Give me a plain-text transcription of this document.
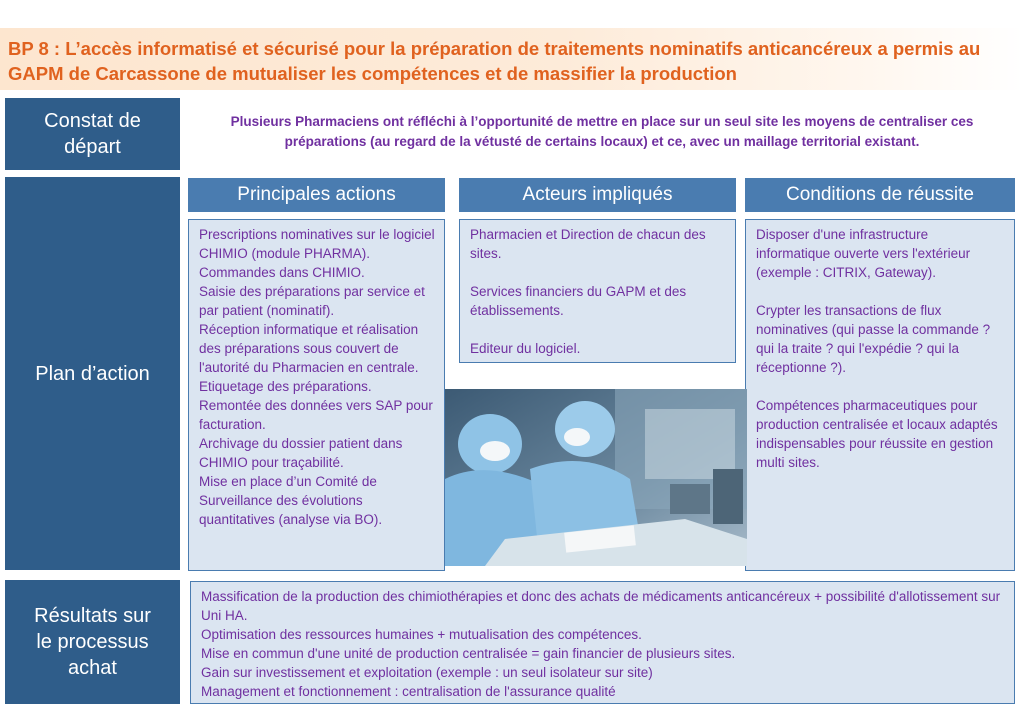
BP 8 : L’accès informatisé et sécurisé pour la préparation de traitements nominatifs anticancéreux a permis au GAPM de Carcassone de mutualiser les compétences et de massifier la production
Constat de
départ
Plusieurs Pharmaciens ont réfléchi à l’opportunité de mettre en place sur un seul site les moyens de centraliser ces préparations (au regard de la vétusté de certains locaux) et ce, avec un maillage territorial existant.
Plan d’action
Principales actions	Acteurs impliqués	Conditions de réussite

Prescriptions nominatives sur le logiciel CHIMIO (module PHARMA).

Commandes dans CHIMIO.

Saisie des préparations par service et par patient (nominatif).

Réception informatique et réalisation des préparations sous couvert de l'autorité du Pharmacien en centrale.

Etiquetage des préparations.

Remontée des données vers SAP pour facturation.

Archivage du dossier patient dans CHIMIO pour traçabilité.

Mise en place d’un Comité de Surveillance des évolutions quantitatives (analyse via BO).

Pharmacien et Direction de chacun des sites.

Services financiers du GAPM et des établissements.

Editeur du logiciel.

Disposer d'une infrastructure informatique ouverte vers l'extérieur (exemple : CITRIX, Gateway).

Crypter les transactions de flux nominatives (qui passe la commande ? qui la traite ? qui l'expédie ? qui la réceptionne ?).

Compétences pharmaceutiques pour production centralisée et locaux adaptés indispensables pour réussite en gestion multi sites.

Résultats sur
le processus
achat

Massification de la production des chimiothérapies et donc des achats de médicaments anticancéreux + possibilité d'allotissement sur Uni HA.

Optimisation des ressources humaines + mutualisation des compétences.

Mise en commun d'une unité de production centralisée = gain financier de plusieurs sites.

Gain sur investissement et exploitation (exemple : un seul isolateur sur site)

Management et fonctionnement : centralisation de l'assurance qualité
